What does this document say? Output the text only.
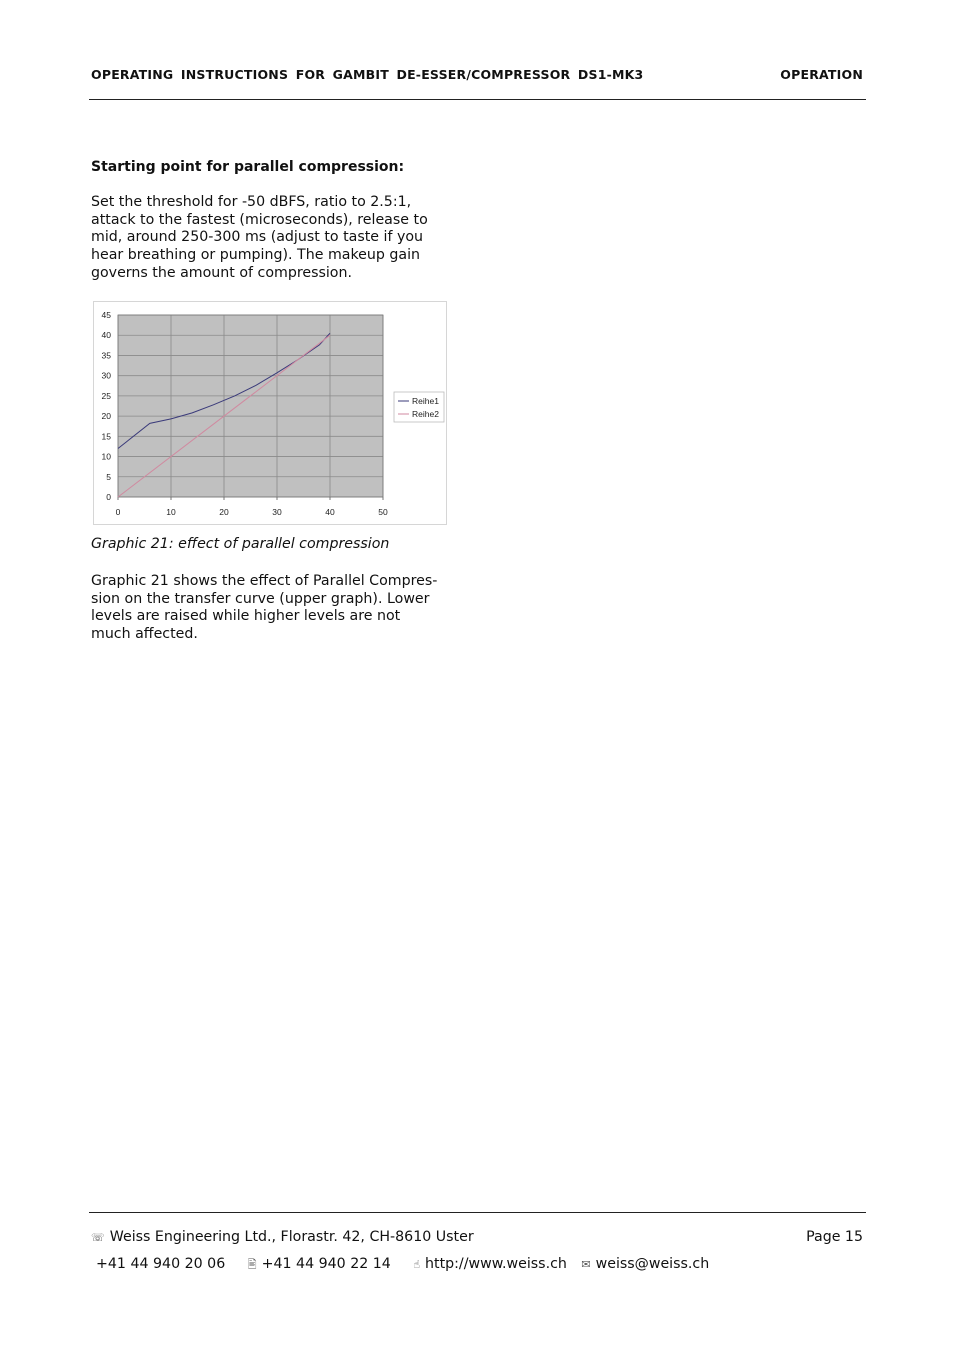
OPERATING INSTRUCTIONS FOR GAMBIT DE-ESSER/COMPRESSOR DS1-MK3	OPERATION
Starting point for parallel compression:
Set the threshold for -50 dBFS, ratio to 2.5:1,
attack to the fastest (microseconds), release to
mid, around 250-300 ms (adjust to taste if you
hear breathing or pumping). The makeup gain
governs the amount of compression.
0
5
10
15
20
25
30
35
40
45
0	10	20	30	40	50
Reihe1
Reihe2
Graphic 21: effect of parallel compression
Graphic 21 shows the effect of Parallel Compres-
sion on the transfer curve (upper graph). Lower
levels are raised while higher levels are not
much affected.
☏ Weiss Engineering Ltd., Florastr. 42, CH-8610 Uster	Page 15
+41 44 940 20 06 🖹 +41 44 940 22 14 ☝ http://www.weiss.ch ✉ weiss@weiss.ch
